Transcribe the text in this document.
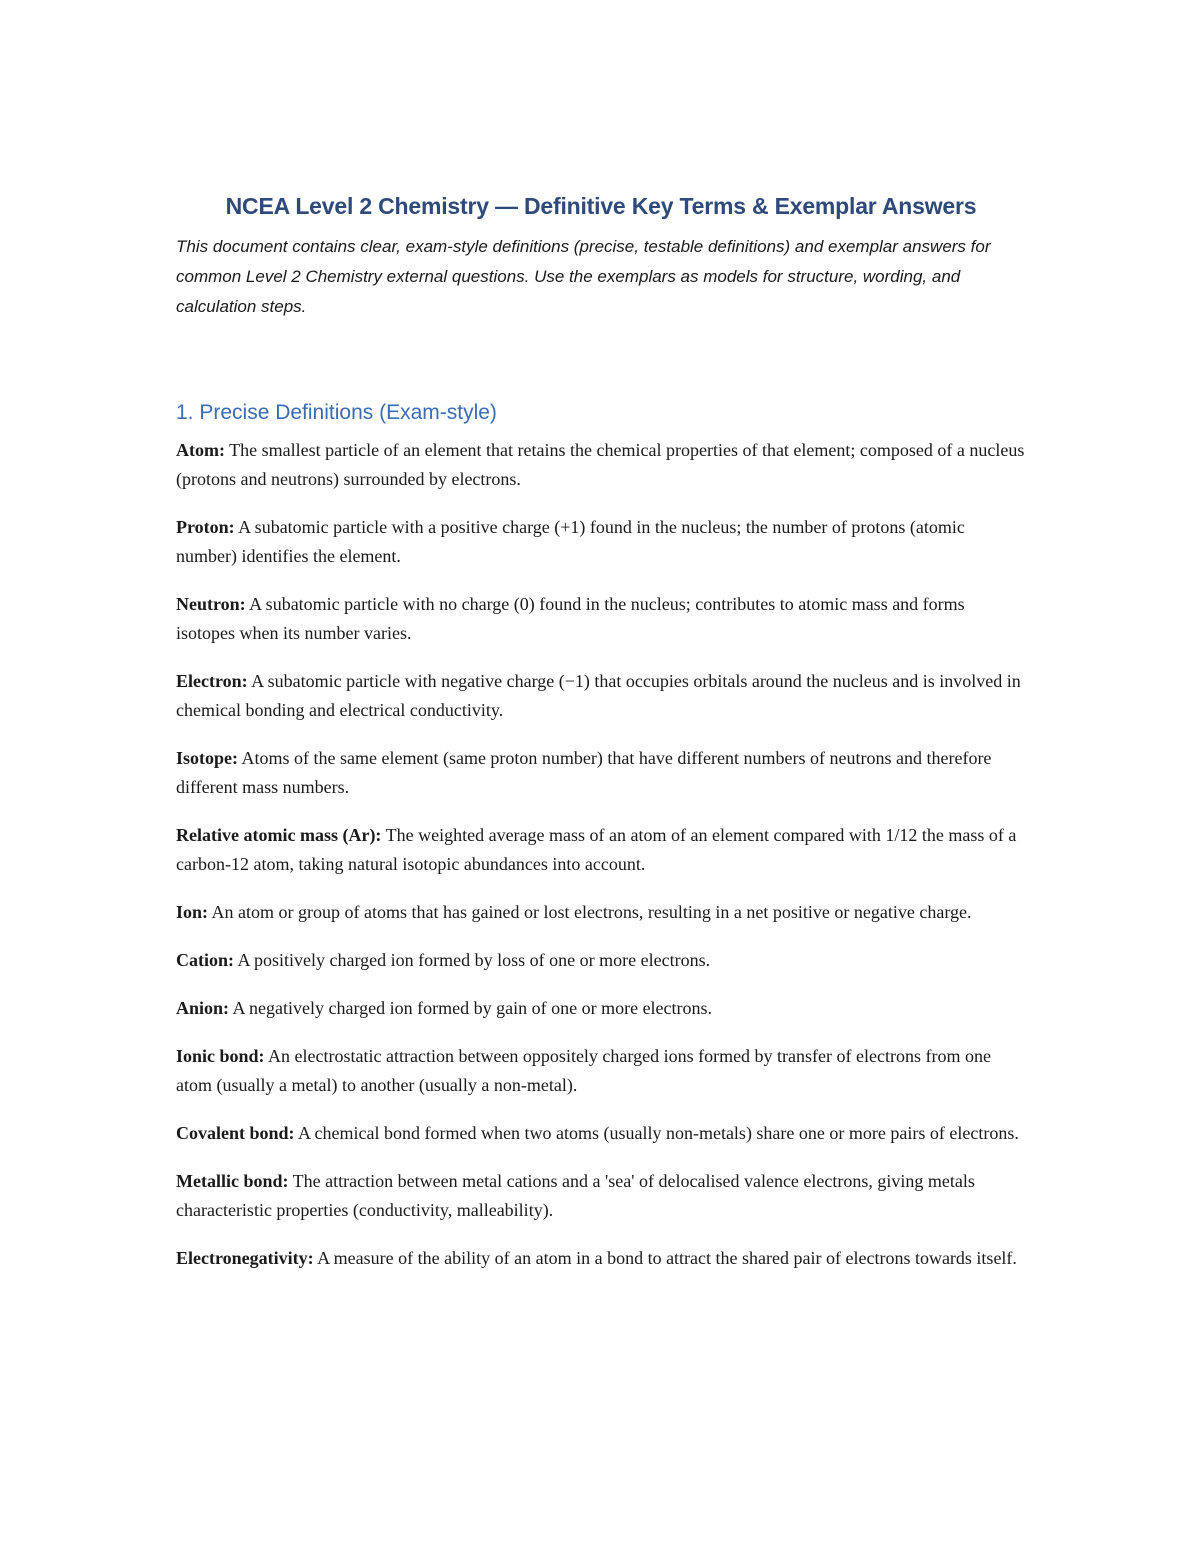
NCEA Level 2 Chemistry — Definitive Key Terms & Exemplar Answers

This document contains clear, exam-style definitions (precise, testable definitions) and exemplar answers for common Level 2 Chemistry external questions. Use the exemplars as models for structure, wording, and calculation steps.

1. Precise Definitions (Exam-style)

Atom: The smallest particle of an element that retains the chemical properties of that element; composed of a nucleus (protons and neutrons) surrounded by electrons.

Proton: A subatomic particle with a positive charge (+1) found in the nucleus; the number of protons (atomic number) identifies the element.

Neutron: A subatomic particle with no charge (0) found in the nucleus; contributes to atomic mass and forms isotopes when its number varies.

Electron: A subatomic particle with negative charge (−1) that occupies orbitals around the nucleus and is involved in chemical bonding and electrical conductivity.

Isotope: Atoms of the same element (same proton number) that have different numbers of neutrons and therefore different mass numbers.

Relative atomic mass (Ar): The weighted average mass of an atom of an element compared with 1/12 the mass of a carbon-12 atom, taking natural isotopic abundances into account.

Ion: An atom or group of atoms that has gained or lost electrons, resulting in a net positive or negative charge.

Cation: A positively charged ion formed by loss of one or more electrons.

Anion: A negatively charged ion formed by gain of one or more electrons.

Ionic bond: An electrostatic attraction between oppositely charged ions formed by transfer of electrons from one atom (usually a metal) to another (usually a non-metal).

Covalent bond: A chemical bond formed when two atoms (usually non-metals) share one or more pairs of electrons.

Metallic bond: The attraction between metal cations and a 'sea' of delocalised valence electrons, giving metals characteristic properties (conductivity, malleability).

Electronegativity: A measure of the ability of an atom in a bond to attract the shared pair of electrons towards itself.
